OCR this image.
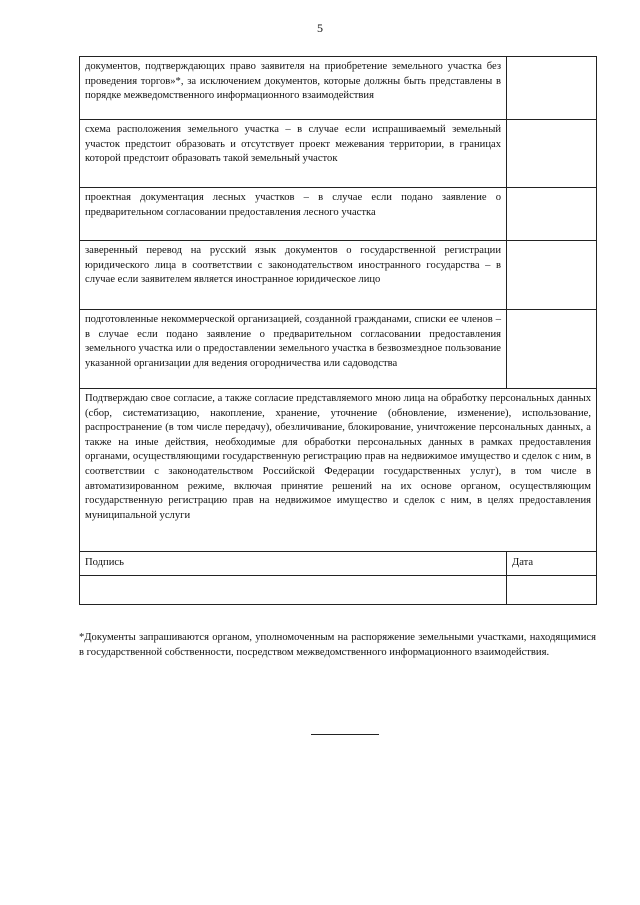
5
документов, подтверждающих право заявителя на приобретение земельного участка без проведения торгов»*, за исключением документов, которые должны быть представлены в порядке межведомственного информационного взаимодействия	
схема расположения земельного участка – в случае если испрашиваемый земельный участок предстоит образовать и отсутствует проект межевания территории, в границах которой предстоит образовать такой земельный участок	
проектная документация лесных участков – в случае если подано заявление о предварительном согласовании предоставления лесного участка	
заверенный перевод на русский язык документов о государственной регистрации юридического лица в соответствии с законодательством иностранного государства – в случае если заявителем является иностранное юридическое лицо	
подготовленные некоммерческой организацией, созданной гражданами, списки ее членов – в случае если подано заявление о предварительном согласовании предоставления земельного участка или о предоставлении земельного участка в безвозмездное пользование указанной организации для ведения огородничества или садоводства	
Подтверждаю свое согласие, а также согласие представляемого мною лица на обработку персональных данных (сбор, систематизацию, накопление, хранение, уточнение (обновление, изменение), использование, распространение (в том числе передачу), обезличивание, блокирование, уничтожение персональных данных, а также на иные действия, необходимые для обработки персональных данных в рамках предоставления органами, осуществляющими государственную регистрацию прав на недвижимое имущество и сделок с ним, в соответствии с законодательством Российской Федерации государственных услуг), в том числе в автоматизированном режиме, включая принятие решений на их основе органом, осуществляющим государственную регистрацию прав на недвижимое имущество и сделок с ним, в целях предоставления муниципальной услуги	
Подпись	Дата

*Документы запрашиваются органом, уполномоченным на распоряжение земельными участками, находящимися в государственной собственности, посредством межведомственного информационного взаимодействия.
